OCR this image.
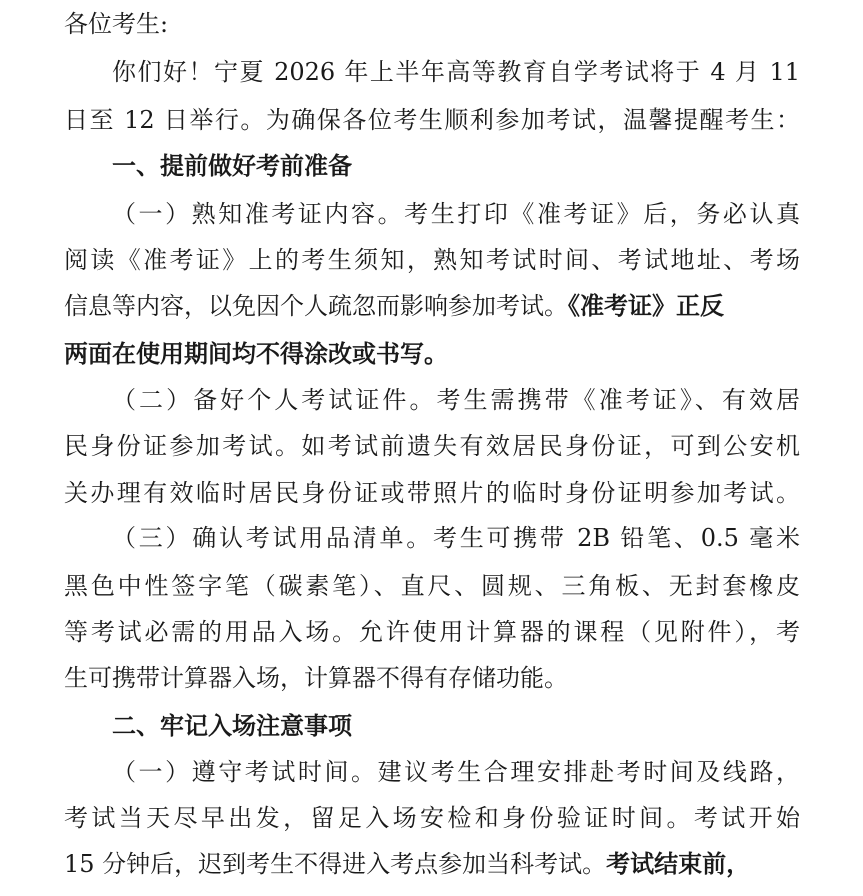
各位考生:
你们好！宁夏 2026 年上半年高等教育自学考试将于 4 月 11
日至 12 日举行。为确保各位考生顺利参加考试，温馨提醒考生：
一、提前做好考前准备
（一）熟知准考证内容。考生打印《准考证》后，务必认真
阅读《准考证》上的考生须知，熟知考试时间、考试地址、考场
信息等内容，以免因个人疏忽而影响参加考试。《准考证》正反
两面在使用期间均不得涂改或书写。
（二）备好个人考试证件。考生需携带《准考证》、有效居
民身份证参加考试。如考试前遗失有效居民身份证，可到公安机
关办理有效临时居民身份证或带照片的临时身份证明参加考试。
（三）确认考试用品清单。考生可携带 2B 铅笔、0.5 毫米
黑色中性签字笔（碳素笔）、直尺、圆规、三角板、无封套橡皮
等考试必需的用品入场。允许使用计算器的课程（见附件），考
生可携带计算器入场，计算器不得有存储功能。
二、牢记入场注意事项
（一）遵守考试时间。建议考生合理安排赴考时间及线路，
考试当天尽早出发，留足入场安检和身份验证时间。考试开始
15 分钟后，迟到考生不得进入考点参加当科考试。考试结束前，
